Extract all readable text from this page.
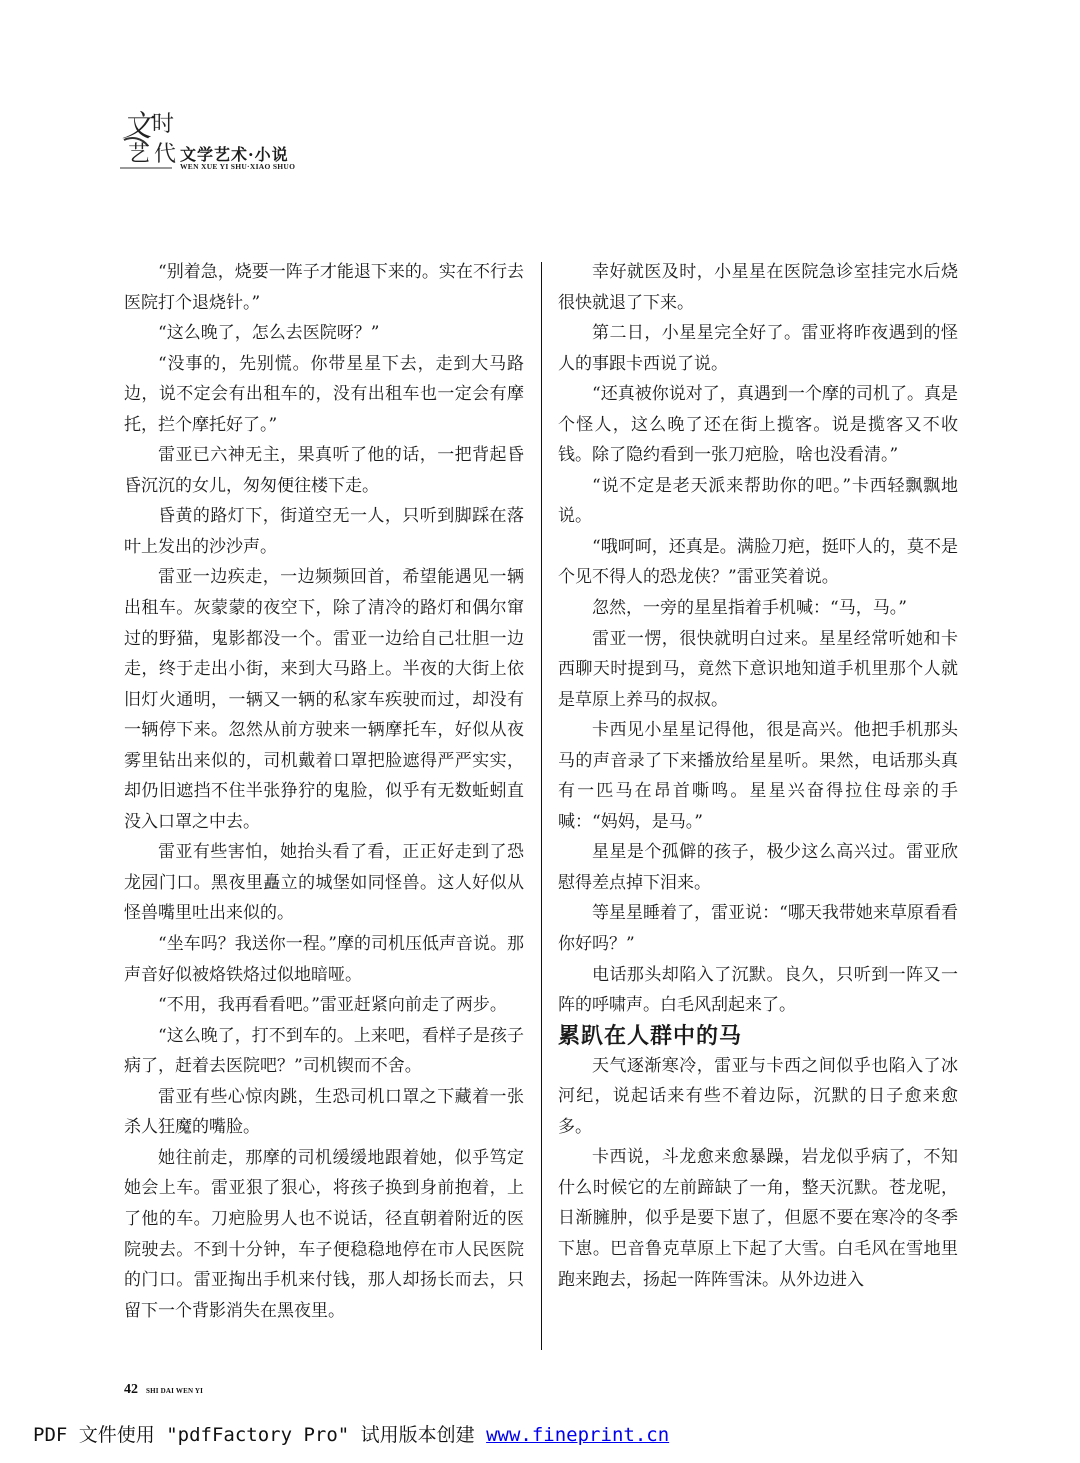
文 时
艺 代 文学艺术·小说
WEN XUE YI SHU·XIAO SHUO

“别着急，烧要一阵子才能退下来的。实在不行去医院打个退烧针。”

“这么晚了，怎么去医院呀？”

“没事的，先别慌。你带星星下去，走到大马路边，说不定会有出租车的，没有出租车也一定会有摩托，拦个摩托好了。”

雷亚已六神无主，果真听了他的话，一把背起昏昏沉沉的女儿，匆匆便往楼下走。

昏黄的路灯下，街道空无一人，只听到脚踩在落叶上发出的沙沙声。

雷亚一边疾走，一边频频回首，希望能遇见一辆出租车。灰蒙蒙的夜空下，除了清冷的路灯和偶尔窜过的野猫，鬼影都没一个。雷亚一边给自己壮胆一边走，终于走出小街，来到大马路上。半夜的大街上依旧灯火通明，一辆又一辆的私家车疾驶而过，却没有一辆停下来。忽然从前方驶来一辆摩托车，好似从夜雾里钻出来似的，司机戴着口罩把脸遮得严严实实，却仍旧遮挡不住半张狰狞的鬼脸，似乎有无数蚯蚓直没入口罩之中去。

雷亚有些害怕，她抬头看了看，正正好走到了恐龙园门口。黑夜里矗立的城堡如同怪兽。这人好似从怪兽嘴里吐出来似的。

“坐车吗？我送你一程。”摩的司机压低声音说。那声音好似被烙铁烙过似地暗哑。

“不用，我再看看吧。”雷亚赶紧向前走了两步。

“这么晚了，打不到车的。上来吧，看样子是孩子病了，赶着去医院吧？”司机锲而不舍。

雷亚有些心惊肉跳，生恐司机口罩之下藏着一张杀人狂魔的嘴脸。

她往前走，那摩的司机缓缓地跟着她，似乎笃定她会上车。雷亚狠了狠心，将孩子换到身前抱着，上了他的车。刀疤脸男人也不说话，径直朝着附近的医院驶去。不到十分钟，车子便稳稳地停在市人民医院的门口。雷亚掏出手机来付钱，那人却扬长而去，只留下一个背影消失在黑夜里。

幸好就医及时，小星星在医院急诊室挂完水后烧很快就退了下来。

第二日，小星星完全好了。雷亚将昨夜遇到的怪人的事跟卡西说了说。

“还真被你说对了，真遇到一个摩的司机了。真是个怪人，这么晚了还在街上揽客。说是揽客又不收钱。除了隐约看到一张刀疤脸，啥也没看清。”

“说不定是老天派来帮助你的吧。”卡西轻飘飘地说。

“哦呵呵，还真是。满脸刀疤，挺吓人的，莫不是个见不得人的恐龙侠？”雷亚笑着说。

忽然，一旁的星星指着手机喊：“马，马。”

雷亚一愣，很快就明白过来。星星经常听她和卡西聊天时提到马，竟然下意识地知道手机里那个人就是草原上养马的叔叔。

卡西见小星星记得他，很是高兴。他把手机那头马的声音录了下来播放给星星听。果然，电话那头真有一匹马在昂首嘶鸣。星星兴奋得拉住母亲的手喊：“妈妈，是马。”

星星是个孤僻的孩子，极少这么高兴过。雷亚欣慰得差点掉下泪来。

等星星睡着了，雷亚说：“哪天我带她来草原看看你好吗？”

电话那头却陷入了沉默。良久，只听到一阵又一阵的呼啸声。白毛风刮起来了。

累趴在人群中的马

天气逐渐寒冷，雷亚与卡西之间似乎也陷入了冰河纪，说起话来有些不着边际，沉默的日子愈来愈多。

卡西说，斗龙愈来愈暴躁，岩龙似乎病了，不知什么时候它的左前蹄缺了一角，整天沉默。苍龙呢，日渐臃肿，似乎是要下崽了，但愿不要在寒冷的冬季下崽。巴音鲁克草原上下起了大雪。白毛风在雪地里跑来跑去，扬起一阵阵雪沫。从外边进入

42 SHI DAI WEN YI
PDF 文件使用 "pdfFactory Pro" 试用版本创建 www.fineprint.cn
